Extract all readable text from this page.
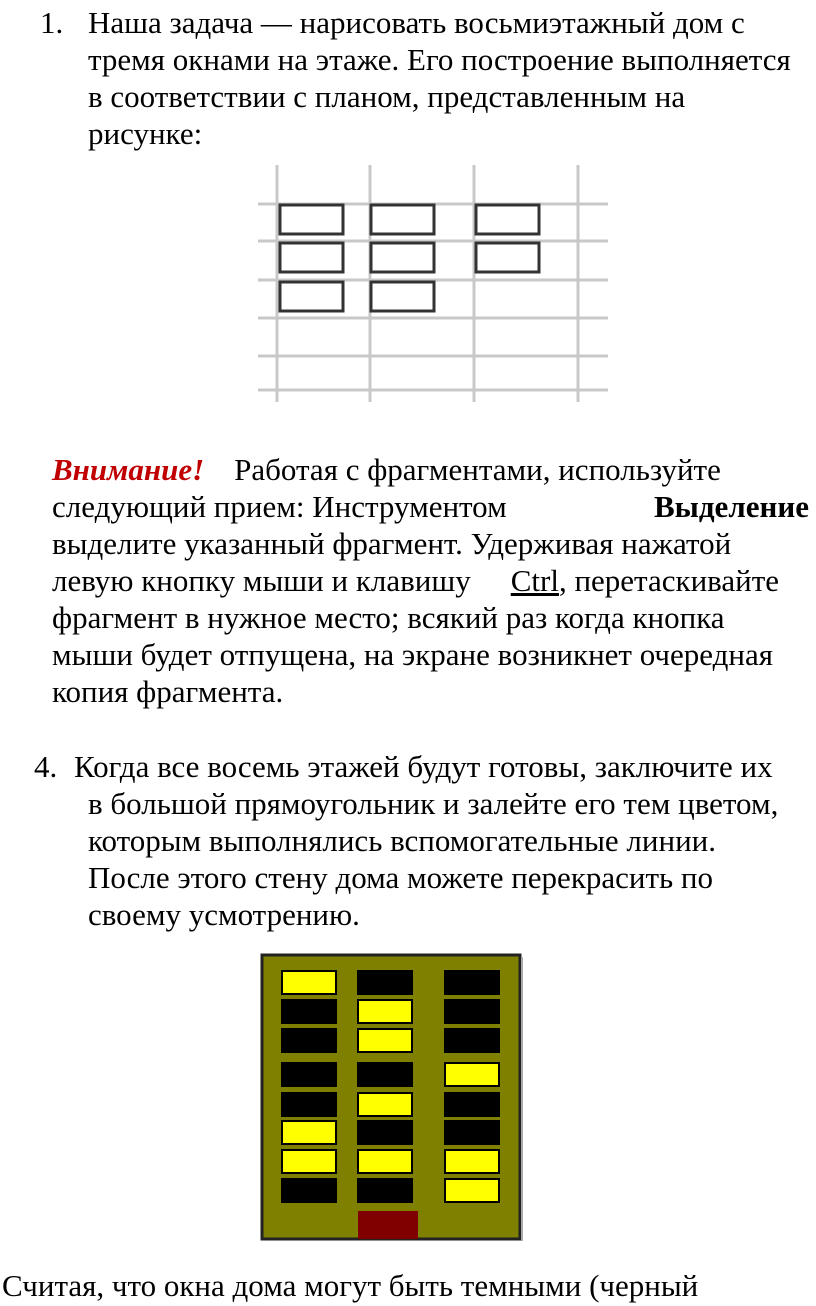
1. Наша задача — нарисовать восьмиэтажный дом с
тремя окнами на этаже. Его построение выполняется
в соответствии с планом, представленным на
рисунке:
Внимание! Работая с фрагментами, используйте
следующий прием: Инструментом	Выделение
выделите указанный фрагмент. Удерживая нажатой
левую кнопку мыши и клавишу Ctrl, перетаскивайте
фрагмент в нужное место; всякий раз когда кнопка
мыши будет отпущена, на экране возникнет очередная
копия фрагмента.
4. Когда все восемь этажей будут готовы, заключите их
в большой прямоугольник и залейте его тем цветом,
которым выполнялись вспомогательные линии.
После этого стену дома можете перекрасить по
своему усмотрению.
Считая, что окна дома могут быть темными (черный
